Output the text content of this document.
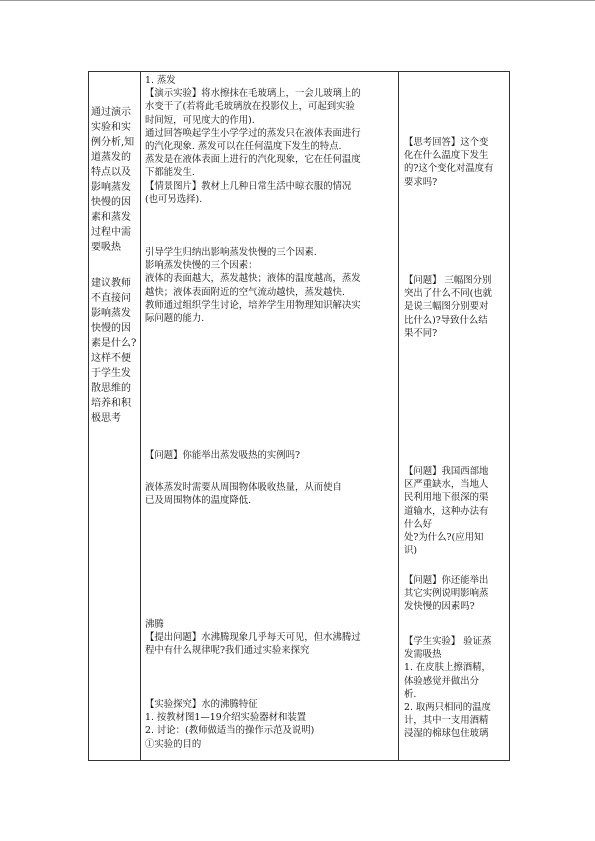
通过演示实验和实例分析,知道蒸发的特点以及影响蒸发快慢的因素和蒸发过程中需要吸热
建议教师不直接问影响蒸发快慢的因素是什么?这样不便于学生发散思维的培养和积极思考
1. 蒸发
【演示实验】将水擦抹在毛玻璃上，一会儿玻璃上的
水变干了(若将此毛玻璃放在投影仪上，可起到实验
时间短，可见度大的作用).
通过回答唤起学生小学学过的蒸发只在液体表面进行
的汽化现象. 蒸发可以在任何温度下发生的特点.
蒸发是在液体表面上进行的汽化现象，它在任何温度
下都能发生.
【情景图片】教材上几种日常生活中晾衣服的情况
(也可另选择).
引导学生归纳出影响蒸发快慢的三个因素.
影响蒸发快慢的三个因素：
液体的表面越大，蒸发越快；液体的温度越高，蒸发
越快；液体表面附近的空气流动越快，蒸发越快.
教师通过组织学生讨论，培养学生用物理知识解决实
际问题的能力.
【问题】你能举出蒸发吸热的实例吗?
液体蒸发时需要从周围物体吸收热量，从而使自
已及周围物体的温度降低.
沸腾
【提出问题】水沸腾现象几乎每天可见，但水沸腾过
程中有什么规律呢?我们通过实验来探究
【实验探究】水的沸腾特征
1. 按教材图1—19介绍实验器材和装置
2. 讨论：(教师做适当的操作示范及说明)
①实验的目的
【思考回答】这个变
化在什么温度下发生
的?这个变化对温度有
要求吗?
【问题】 三幅图分别
突出了什么不同(也就
是说三幅图分别要对
比什么)?导致什么结
果不同?
【问题】我国西部地
区严重缺水，当地人
民利用地下很深的渠
道输水，这种办法有
什么好
处?为什么?(应用知
识)
【问题】你还能举出
其它实例说明影响蒸
发快慢的因素吗?
【学生实验】 验证蒸
发需吸热
1. 在皮肤上擦酒精，
体验感觉并做出分
析.
2. 取两只相同的温度
计，其中一支用酒精
浸湿的棉球包住玻璃
